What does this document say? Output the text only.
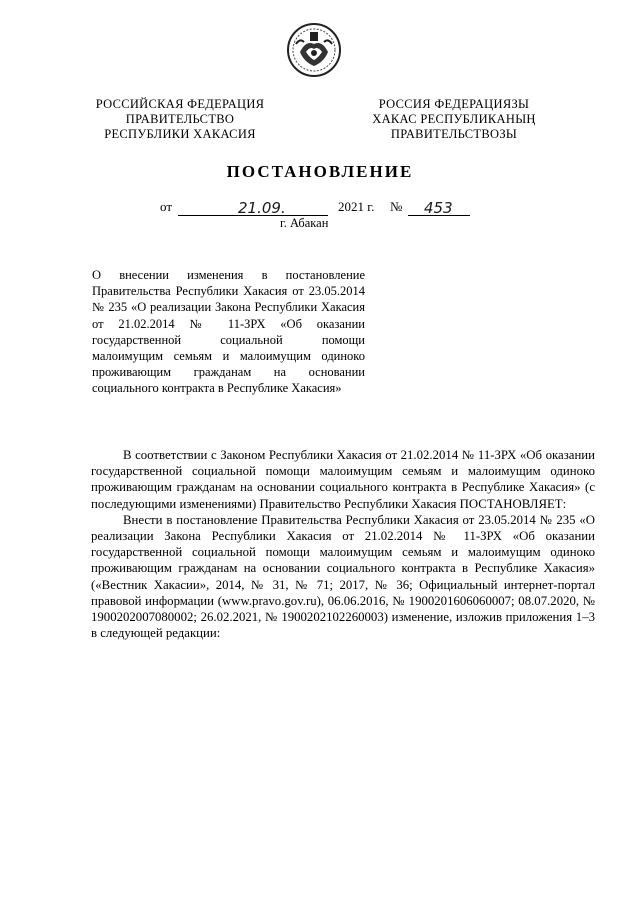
РОССИЙСКАЯ ФЕДЕРАЦИЯ
ПРАВИТЕЛЬСТВО
РЕСПУБЛИКИ ХАКАСИЯ
РОССИЯ ФЕДЕРАЦИЯЗЫ
ХАКАС РЕСПУБЛИКАНЫҢ
ПРАВИТЕЛЬСТВОЗЫ
ПОСТАНОВЛЕНИЕ
от	21.09.	2021 г. № 453
г. Абакан
О внесении изменения в постановление Правительства Республики Хакасия от 23.05.2014 № 235 «О реализации Закона Республики Хакасия от 21.02.2014 № 11-ЗРХ «Об оказании государственной социальной помощи малоимущим семьям и малоимущим одиноко проживающим гражданам на основании социального контракта в Республике Хакасия»

В соответствии с Законом Республики Хакасия от 21.02.2014 № 11-ЗРХ «Об оказании государственной социальной помощи малоимущим семьям и малоимущим одиноко проживающим гражданам на основании социального контракта в Республике Хакасия» (с последующими изменениями) Правительство Республики Хакасия ПОСТАНОВЛЯЕТ:

Внести в постановление Правительства Республики Хакасия от 23.05.2014 № 235 «О реализации Закона Республики Хакасия от 21.02.2014 № 11-ЗРХ «Об оказании государственной социальной помощи малоимущим семьям и малоимущим одиноко проживающим гражданам на основании социального контракта в Республике Хакасия» («Вестник Хакасии», 2014, № 31, № 71; 2017, № 36; Официальный интернет-портал правовой информации (www.pravo.gov.ru), 06.06.2016, № 1900201606060007; 08.07.2020, № 1900202007080002; 26.02.2021, № 1900202102260003) изменение, изложив приложения 1–3 в следующей редакции:
